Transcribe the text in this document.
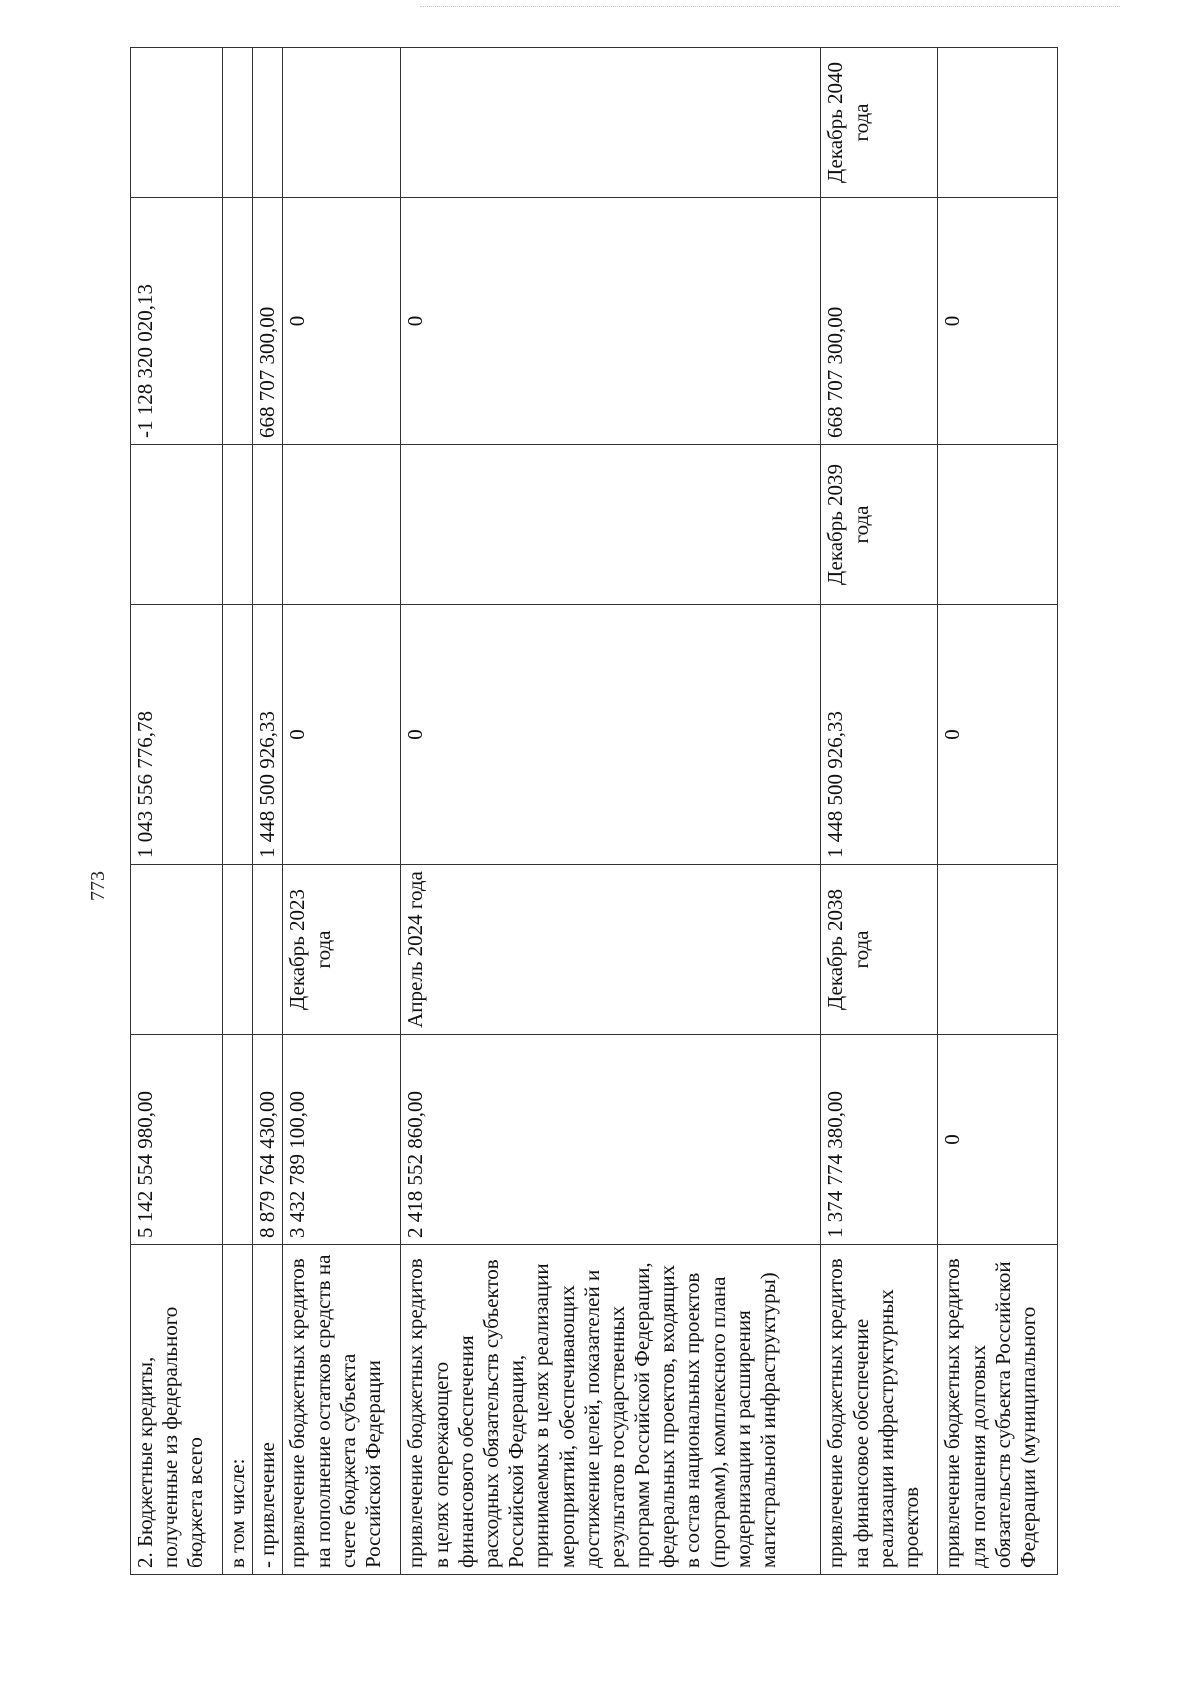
773
2. Бюджетные кредиты, полученные из федерального бюджета всего	5 142 554 980,00		1 043 556 776,78		-1 128 320 020,13	
в том числе:						
- привлечение	8 879 764 430,00		1 448 500 926,33		668 707 300,00	
привлечение бюджетных кредитов на пополнение остатков средств на счете бюджета субъекта Российской Федерации	3 432 789 100,00	Декабрь 2023 года	0		0	
привлечение бюджетных кредитов в целях опережающего финансового обеспечения расходных обязательств субъектов Российской Федерации, принимаемых в целях реализации мероприятий, обеспечивающих достижение целей, показателей и результатов государственных программ Российской Федерации, федеральных проектов, входящих в состав национальных проектов (программ), комплексного плана модернизации и расширения магистральной инфраструктуры)	2 418 552 860,00	Апрель 2024 года	0		0	
привлечение бюджетных кредитов на финансовое обеспечение реализации инфраструктурных проектов	1 374 774 380,00	Декабрь 2038 года	1 448 500 926,33	Декабрь 2039 года	668 707 300,00	Декабрь 2040 года
привлечение бюджетных кредитов для погашения долговых обязательств субъекта Российской Федерации (муниципального	0		0		0	
